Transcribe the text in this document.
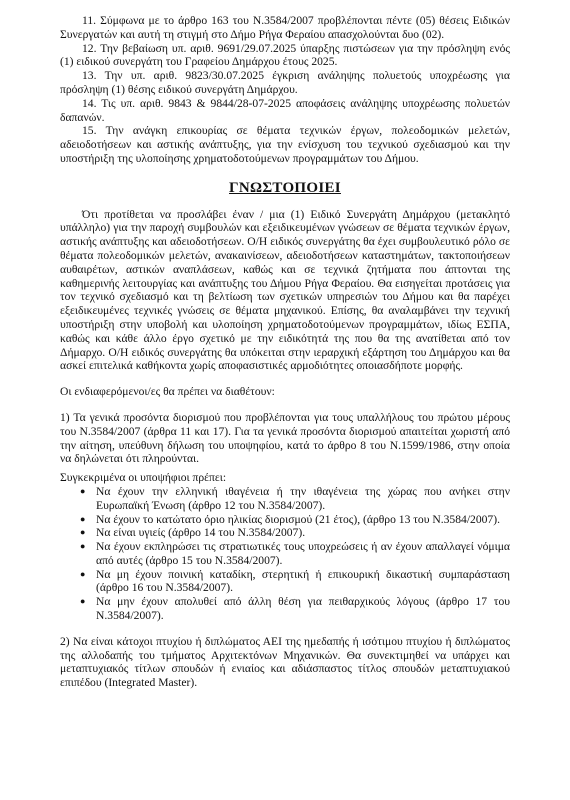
11. Σύμφωνα με το άρθρο 163 του Ν.3584/2007 προβλέπονται πέντε (05) θέσεις Ειδικών Συνεργατών και αυτή τη στιγμή στο Δήμο Ρήγα Φεραίου απασχολούνται δυο (02).

12. Την βεβαίωση υπ. αριθ. 9691/29.07.2025 ύπαρξης πιστώσεων για την πρόσληψη ενός (1) ειδικού συνεργάτη του Γραφείου Δημάρχου έτους 2025.

13. Την υπ. αριθ. 9823/30.07.2025 έγκριση ανάληψης πολυετούς υποχρέωσης για πρόσληψη (1) θέσης ειδικού συνεργάτη Δημάρχου.

14. Τις υπ. αριθ. 9843 & 9844/28-07-2025 αποφάσεις ανάληψης υποχρέωσης πολυετών δαπανών.

15. Την ανάγκη επικουρίας σε θέματα τεχνικών έργων, πολεοδομικών μελετών, αδειοδοτήσεων και αστικής ανάπτυξης, για την ενίσχυση του τεχνικού σχεδιασμού και την υποστήριξη της υλοποίησης χρηματοδοτούμενων προγραμμάτων του Δήμου.

ΓΝΩΣΤΟΠΟΙΕΙ

Ότι προτίθεται να προσλάβει έναν / μια (1) Ειδικό Συνεργάτη Δημάρχου (μετακλητό υπάλληλο) για την παροχή συμβουλών και εξειδικευμένων γνώσεων σε θέματα τεχνικών έργων, αστικής ανάπτυξης και αδειοδοτήσεων. Ο/Η ειδικός συνεργάτης θα έχει συμβουλευτικό ρόλο σε θέματα πολεοδομικών μελετών, ανακαινίσεων, αδειοδοτήσεων καταστημάτων, τακτοποιήσεων αυθαιρέτων, αστικών αναπλάσεων, καθώς και σε τεχνικά ζητήματα που άπτονται της καθημερινής λειτουργίας και ανάπτυξης του Δήμου Ρήγα Φεραίου. Θα εισηγείται προτάσεις για τον τεχνικό σχεδιασμό και τη βελτίωση των σχετικών υπηρεσιών του Δήμου και θα παρέχει εξειδικευμένες τεχνικές γνώσεις σε θέματα μηχανικού. Επίσης, θα αναλαμβάνει την τεχνική υποστήριξη στην υποβολή και υλοποίηση χρηματοδοτούμενων προγραμμάτων, ιδίως ΕΣΠΑ, καθώς και κάθε άλλο έργο σχετικό με την ειδικότητά της που θα της ανατίθεται από τον Δήμαρχο. Ο/Η ειδικός συνεργάτης θα υπόκειται στην ιεραρχική εξάρτηση του Δημάρχου και θα ασκεί επιτελικά καθήκοντα χωρίς αποφασιστικές αρμοδιότητες οποιασδήποτε μορφής.

Οι ενδιαφερόμενοι/ες θα πρέπει να διαθέτουν:

1) Τα γενικά προσόντα διορισμού που προβλέπονται για τους υπαλλήλους του πρώτου μέρους του Ν.3584/2007 (άρθρα 11 και 17). Για τα γενικά προσόντα διορισμού απαιτείται χωριστή από την αίτηση, υπεύθυνη δήλωση του υποψηφίου, κατά το άρθρο 8 του Ν.1599/1986, στην οποία να δηλώνεται ότι πληρούνται.

Συγκεκριμένα οι υποψήφιοι πρέπει:

● Να έχουν την ελληνική ιθαγένεια ή την ιθαγένεια της χώρας που ανήκει στην Ευρωπαϊκή Ένωση (άρθρο 12 του Ν.3584/2007).
● Να έχουν το κατώτατο όριο ηλικίας διορισμού (21 έτος), (άρθρο 13 του Ν.3584/2007).
● Να είναι υγιείς (άρθρο 14 του Ν.3584/2007).
● Να έχουν εκπληρώσει τις στρατιωτικές τους υποχρεώσεις ή αν έχουν απαλλαγεί νόμιμα από αυτές (άρθρο 15 του Ν.3584/2007).
● Να μη έχουν ποινική καταδίκη, στερητική ή επικουρική δικαστική συμπαράσταση (άρθρο 16 του Ν.3584/2007).
● Να μην έχουν απολυθεί από άλλη θέση για πειθαρχικούς λόγους (άρθρο 17 του Ν.3584/2007).

2) Να είναι κάτοχοι πτυχίου ή διπλώματος ΑΕΙ της ημεδαπής ή ισότιμου πτυχίου ή διπλώματος της αλλοδαπής του τμήματος Αρχιτεκτόνων Μηχανικών. Θα συνεκτιμηθεί να υπάρχει και μεταπτυχιακός τίτλων σπουδών ή ενιαίος και αδιάσπαστος τίτλος σπουδών μεταπτυχιακού επιπέδου (Integrated Master).
